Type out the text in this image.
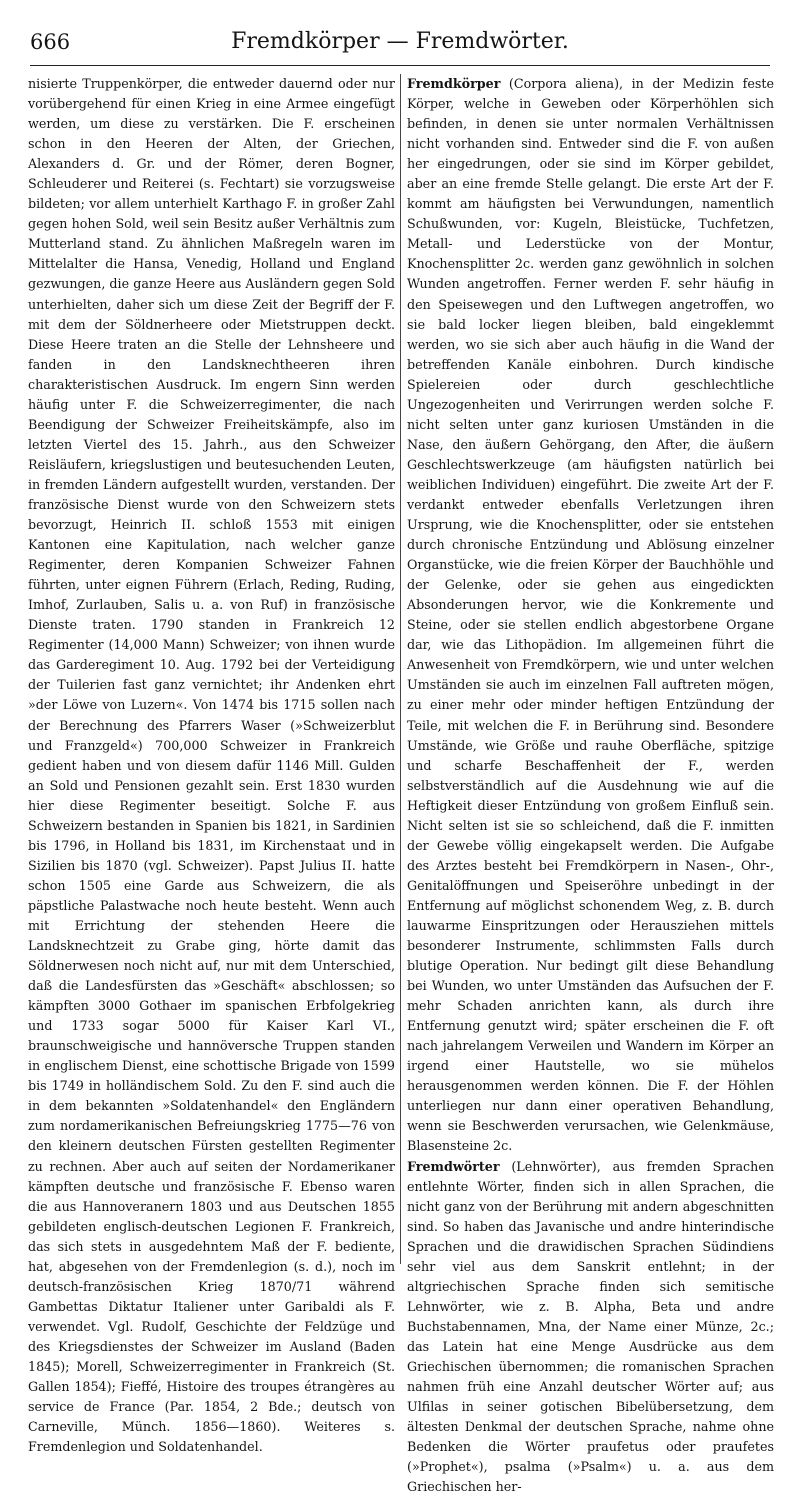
666	Fremdkörper — Fremdwörter.

nisierte Truppenkörper, die entweder dauernd oder nur vorübergehend für einen Krieg in eine Armee eingefügt werden, um diese zu verstärken. Die F. erscheinen schon in den Heeren der Alten, der Griechen, Alexanders d. Gr. und der Römer, deren Bogner, Schleuderer und Reiterei (s. Fechtart) sie vorzugsweise bildeten; vor allem unterhielt Karthago F. in großer Zahl gegen hohen Sold, weil sein Besitz außer Verhältnis zum Mutterland stand. Zu ähnlichen Maßregeln waren im Mittelalter die Hansa, Venedig, Holland und England gezwungen, die ganze Heere aus Ausländern gegen Sold unterhielten, daher sich um diese Zeit der Begriff der F. mit dem der Söldnerheere oder Mietstruppen deckt. Diese Heere traten an die Stelle der Lehnsheere und fanden in den Landsknechtheeren ihren charakteristischen Ausdruck. Im engern Sinn werden häufig unter F. die Schweizerregimenter, die nach Beendigung der Schweizer Freiheitskämpfe, also im letzten Viertel des 15. Jahrh., aus den Schweizer Reisläufern, kriegslustigen und beutesuchenden Leuten, in fremden Ländern aufgestellt wurden, verstanden. Der französische Dienst wurde von den Schweizern stets bevorzugt, Heinrich II. schloß 1553 mit einigen Kantonen eine Kapitulation, nach welcher ganze Regimenter, deren Kompanien Schweizer Fahnen führten, unter eignen Führern (Erlach, Reding, Ruding, Imhof, Zurlauben, Salis u. a. von Ruf) in französische Dienste traten. 1790 standen in Frankreich 12 Regimenter (14,000 Mann) Schweizer; von ihnen wurde das Garderegiment 10. Aug. 1792 bei der Verteidigung der Tuilerien fast ganz vernichtet; ihr Andenken ehrt »der Löwe von Luzern«. Von 1474 bis 1715 sollen nach der Berechnung des Pfarrers Waser (»Schweizerblut und Franzgeld«) 700,000 Schweizer in Frankreich gedient haben und von diesem dafür 1146 Mill. Gulden an Sold und Pensionen gezahlt sein. Erst 1830 wurden hier diese Regimenter beseitigt. Solche F. aus Schweizern bestanden in Spanien bis 1821, in Sardinien bis 1796, in Holland bis 1831, im Kirchenstaat und in Sizilien bis 1870 (vgl. Schweizer). Papst Julius II. hatte schon 1505 eine Garde aus Schweizern, die als päpstliche Palastwache noch heute besteht. Wenn auch mit Errichtung der stehenden Heere die Landsknechtzeit zu Grabe ging, hörte damit das Söldnerwesen noch nicht auf, nur mit dem Unterschied, daß die Landesfürsten das »Geschäft« abschlossen; so kämpften 3000 Gothaer im spanischen Erbfolgekrieg und 1733 sogar 5000 für Kaiser Karl VI., braunschweigische und hannöversche Truppen standen in englischem Dienst, eine schottische Brigade von 1599 bis 1749 in holländischem Sold. Zu den F. sind auch die in dem bekannten »Soldatenhandel« den Engländern zum nordamerikanischen Befreiungskrieg 1775—76 von den kleinern deutschen Fürsten gestellten Regimenter zu rechnen. Aber auch auf seiten der Nordamerikaner kämpften deutsche und französische F. Ebenso waren die aus Hannoveranern 1803 und aus Deutschen 1855 gebildeten englisch-deutschen Legionen F. Frankreich, das sich stets in ausgedehntem Maß der F. bediente, hat, abgesehen von der Fremdenlegion (s. d.), noch im deutsch-französischen Krieg 1870/71 während Gambettas Diktatur Italiener unter Garibaldi als F. verwendet. Vgl. Rudolf, Geschichte der Feldzüge und des Kriegsdienstes der Schweizer im Ausland (Baden 1845); Morell, Schweizerregimenter in Frankreich (St. Gallen 1854); Fieffé, Histoire des troupes étrangères au service de France (Par. 1854, 2 Bde.; deutsch von Carneville, Münch. 1856—1860). Weiteres s. Fremdenlegion und Soldatenhandel.

Fremdkörper (Corpora aliena), in der Medizin feste Körper, welche in Geweben oder Körperhöhlen sich befinden, in denen sie unter normalen Verhältnissen nicht vorhanden sind. Entweder sind die F. von außen her eingedrungen, oder sie sind im Körper gebildet, aber an eine fremde Stelle gelangt. Die erste Art der F. kommt am häufigsten bei Verwundungen, namentlich Schußwunden, vor: Kugeln, Bleistücke, Tuchfetzen, Metall- und Lederstücke von der Montur, Knochensplitter 2c. werden ganz gewöhnlich in solchen Wunden angetroffen. Ferner werden F. sehr häufig in den Speisewegen und den Luftwegen angetroffen, wo sie bald locker liegen bleiben, bald eingeklemmt werden, wo sie sich aber auch häufig in die Wand der betreffenden Kanäle einbohren. Durch kindische Spielereien oder durch geschlechtliche Ungezogenheiten und Verirrungen werden solche F. nicht selten unter ganz kuriosen Umständen in die Nase, den äußern Gehörgang, den After, die äußern Geschlechtswerkzeuge (am häufigsten natürlich bei weiblichen Individuen) eingeführt. Die zweite Art der F. verdankt entweder ebenfalls Verletzungen ihren Ursprung, wie die Knochensplitter, oder sie entstehen durch chronische Entzündung und Ablösung einzelner Organstücke, wie die freien Körper der Bauchhöhle und der Gelenke, oder sie gehen aus eingedickten Absonderungen hervor, wie die Konkremente und Steine, oder sie stellen endlich abgestorbene Organe dar, wie das Lithopädion. Im allgemeinen führt die Anwesenheit von Fremdkörpern, wie und unter welchen Umständen sie auch im einzelnen Fall auftreten mögen, zu einer mehr oder minder heftigen Entzündung der Teile, mit welchen die F. in Berührung sind. Besondere Umstände, wie Größe und rauhe Oberfläche, spitzige und scharfe Beschaffenheit der F., werden selbstverständlich auf die Ausdehnung wie auf die Heftigkeit dieser Entzündung von großem Einfluß sein. Nicht selten ist sie so schleichend, daß die F. inmitten der Gewebe völlig eingekapselt werden. Die Aufgabe des Arztes besteht bei Fremdkörpern in Nasen-, Ohr-, Genitalöffnungen und Speiseröhre unbedingt in der Entfernung auf möglichst schonendem Weg, z. B. durch lauwarme Einspritzungen oder Herausziehen mittels besonderer Instrumente, schlimmsten Falls durch blutige Operation. Nur bedingt gilt diese Behandlung bei Wunden, wo unter Umständen das Aufsuchen der F. mehr Schaden anrichten kann, als durch ihre Entfernung genutzt wird; später erscheinen die F. oft nach jahrelangem Verweilen und Wandern im Körper an irgend einer Hautstelle, wo sie mühelos herausgenommen werden können. Die F. der Höhlen unterliegen nur dann einer operativen Behandlung, wenn sie Beschwerden verursachen, wie Gelenkmäuse, Blasensteine 2c.

Fremdwörter (Lehnwörter), aus fremden Sprachen entlehnte Wörter, finden sich in allen Sprachen, die nicht ganz von der Berührung mit andern abgeschnitten sind. So haben das Javanische und andre hinterindische Sprachen und die drawidischen Sprachen Südindiens sehr viel aus dem Sanskrit entlehnt; in der altgriechischen Sprache finden sich semitische Lehnwörter, wie z. B. Alpha, Beta und andre Buchstabennamen, Mna, der Name einer Münze, 2c.; das Latein hat eine Menge Ausdrücke aus dem Griechischen übernommen; die romanischen Sprachen nahmen früh eine Anzahl deutscher Wörter auf; aus Ulfilas in seiner gotischen Bibelübersetzung, dem ältesten Denkmal der deutschen Sprache, nahme ohne Bedenken die Wörter praufetus oder praufetes (»Prophet«), psalma (»Psalm«) u. a. aus dem Griechischen her-
